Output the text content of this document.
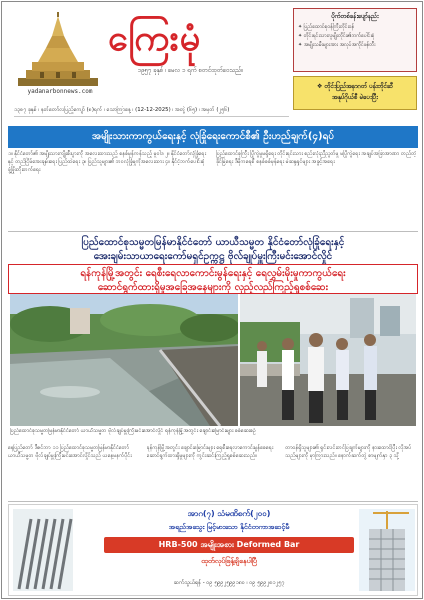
yadanarbonnews.com
ကြေးမုံ
၁၉၅၇ ခုနှစ် ၊ မေလ ၁ ရက် စတင်ထုတ်ဝေသည်။
ပိုက်တစ်ခန်းပျော်နည်း
✦ ပြည်ထောင်စုဝန်ကြီးတိုင်းဝန်
✦ တိုင်းရင်းသားလူမျိုးတိုင်း၏ဘက်ပေါင်းစုံ
✦ အမျိုးသမီးများအား အလုပ်အကိုင်ဖန်တီး
❖ တိုင်းပြည်အနာဂတ် ပန်းတိုင်ဆီ
အနုပ်ဂိုယ်စီ မဲပေးပြီး
၁၃၈၇ ခုနှစ် ၊ နတ်တော်လပြည့်ကျော် (၈)ရက် ၊ သောကြာနေ့ ၊ (12-12-2025) ၊ အတွဲ (၆၅) ၊ အမှတ် (၂၅၆)
အမျိုးသားကာကွယ်ရေးနှင့် လုံခြုံရေးကောင်စီ၏ ဦးဟည်ချက်(၄)ရပ်
၁။ နိုင်ငံတော်၏ အမျိုးသားကျိုးစီးပွားကို အလေးထားသည့် စနစ်မှန်ကန်သည့် မူဝါဒ ၂။ နိုင်ငံတော်လုံခြုံရေးနှင့် တည်ငြိမ်အေးချမ်းရေး ပြည်ထဲရေး ၃။ ပြည်သူများ၏ ဘဝလုံခြုံမှုကိုအလေးထား ၄။ နိုင်ငံ့ဘက်ပေါင်းစုံ ဖွံ့ဖြိုးတိုးတက်ရေး
ပြည်ထောင်စုကြီး ပြိုကွဲမှုမရှိရေး တိုင်းရင်းသား စည်းလုံးညီညွတ်မှု မပြိုကွဲရေး အချုပ်အခြာအာဏာ တည်တံ့ခိုင်မြဲရေး ဒီမိုကရေစီ စနစ်စစ်မှန်ရေး မဲဆန္ဒရှင်များ အခွင့်အရေး
ပြည်ထောင်စုသမ္မတမြန်မာနိုင်ငံတော် ယာယီသမ္မတ နိုင်ငံတော်လုံခြုံရေးနှင့်
အေးချမ်းသာယာရေးကော်မရှင်ဥက္ကဋ္ဌ ဗိုလ်ချုပ်မှူးကြီးမင်းအောင်လှိုင်
ရန်ကုန်မြို့အတွင်း ရေစီးရေလာကောင်းမွန်ရေးနှင့် ရေလွှမ်းမိုးမှုကာကွယ်ရေး
ဆောင်ရွက်ထားရှိမှုအခြေအနေများကို လှည့်လည်ကြည့်ရှုစစ်ဆေး
ပြည်ထောင်စုသမ္မတမြန်မာနိုင်ငံတော် ယာယီသမ္မတ ဗိုလ်ချုပ်မှူးကြီးမင်းအောင်လှိုင် ရန်ကုန်မြို့အတွင်း ချောင်းမြောင်းများ စစ်ဆေးစဉ်
နေပြည်တော် ဒီဇင်ဘာ ၁၁ ပြည်ထောင်စုသမ္မတမြန်မာနိုင်ငံတော် ယာယီသမ္မတ ဗိုလ်ချုပ်မှူးကြီးမင်းအောင်လှိုင်သည် ယနေ့မနက်ပိုင်း
ရန်ကုန်မြို့အတွင်း ချောင်းမြောင်းများ ရေစီးရေလာကောင်းမွန်စေရေး ဆောင်ရွက်ထားရှိမှုများကို ကွင်းဆင်းကြည့်ရှုစစ်ဆေးသည်။
တာဝန်ရှိသူများ၏ ရှင်းလင်းတင်ပြချက်များကို နားထောင်ပြီး လိုအပ်သည်များကို မှာကြားသည်။ နောက်ဆက်တွဲ စာမျက်နှာ ၃ သို့
အာဂ(၇) သံမဏိစက်(၂၀၀)
အရည်အသွေး မြင့်မားသော နိုင်ငံတကာအဆင့်မီ
HRB-500 အမျိုးအစား Deformed Bar
ထုတ်လုပ်ဖြန့်ချိနေပါပြီ
ဆက်သွယ်ရန် - ၀၉ ၅၉၉၂၅၉၉၁၈၀ ၊ ၀၉ ၅၉၉၂၈၁၂၅၇
